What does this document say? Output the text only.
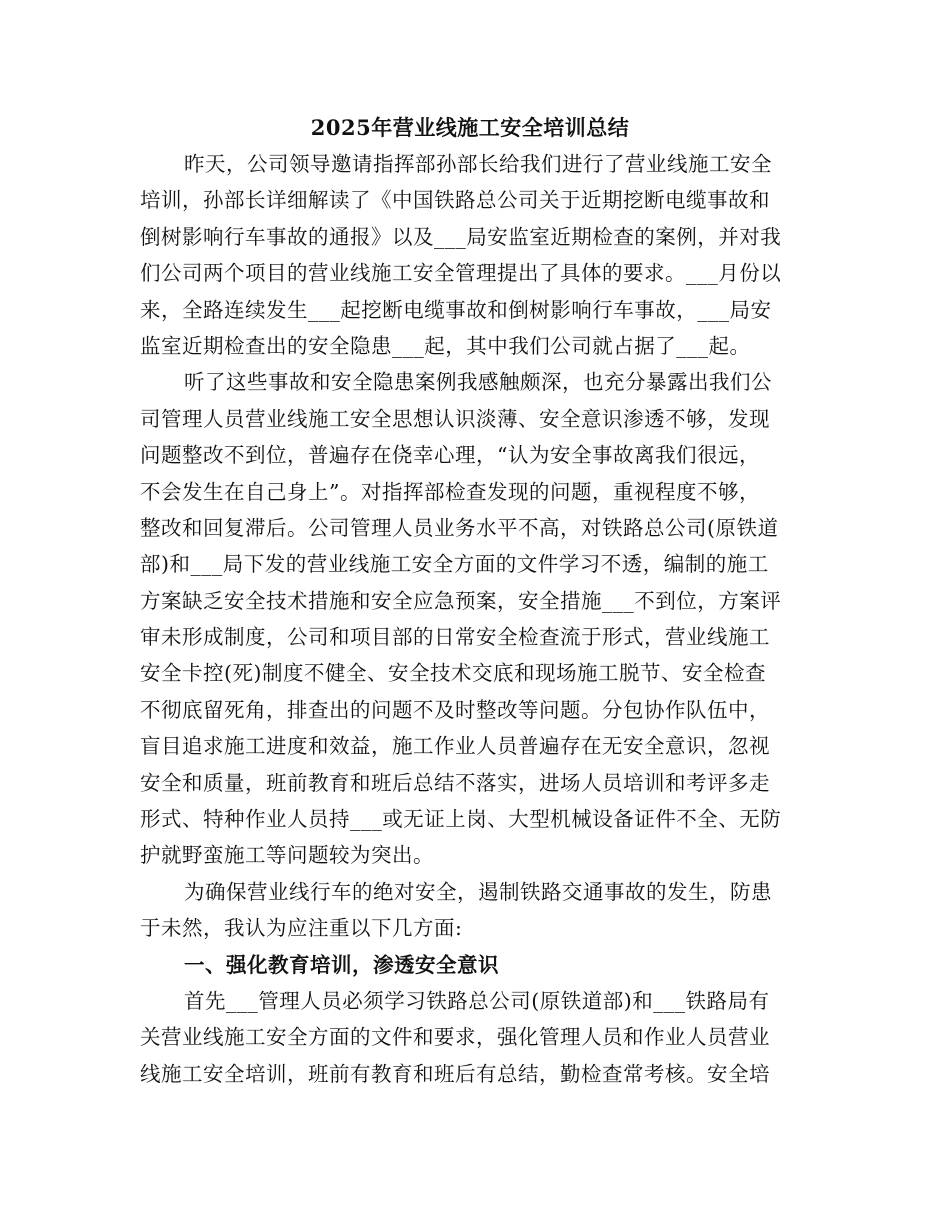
2025年营业线施工安全培训总结
昨天，公司领导邀请指挥部孙部长给我们进行了营业线施工安全
培训，孙部长详细解读了《中国铁路总公司关于近期挖断电缆事故和
倒树影响行车事故的通报》以及___局安监室近期检查的案例，并对我
们公司两个项目的营业线施工安全管理提出了具体的要求。___月份以
来，全路连续发生___起挖断电缆事故和倒树影响行车事故，___局安
监室近期检查出的安全隐患___起，其中我们公司就占据了___起。
听了这些事故和安全隐患案例我感触颇深，也充分暴露出我们公
司管理人员营业线施工安全思想认识淡薄、安全意识渗透不够，发现
问题整改不到位，普遍存在侥幸心理，“认为安全事故离我们很远，
不会发生在自己身上”。对指挥部检查发现的问题，重视程度不够，
整改和回复滞后。公司管理人员业务水平不高，对铁路总公司(原铁道
部)和___局下发的营业线施工安全方面的文件学习不透，编制的施工
方案缺乏安全技术措施和安全应急预案，安全措施___不到位，方案评
审未形成制度，公司和项目部的日常安全检查流于形式，营业线施工
安全卡控(死)制度不健全、安全技术交底和现场施工脱节、安全检查
不彻底留死角，排查出的问题不及时整改等问题。分包协作队伍中，
盲目追求施工进度和效益，施工作业人员普遍存在无安全意识，忽视
安全和质量，班前教育和班后总结不落实，进场人员培训和考评多走
形式、特种作业人员持___或无证上岗、大型机械设备证件不全、无防
护就野蛮施工等问题较为突出。
为确保营业线行车的绝对安全，遏制铁路交通事故的发生，防患
于未然，我认为应注重以下几方面:
一、强化教育培训，渗透安全意识
首先___管理人员必须学习铁路总公司(原铁道部)和___铁路局有
关营业线施工安全方面的文件和要求，强化管理人员和作业人员营业
线施工安全培训，班前有教育和班后有总结，勤检查常考核。安全培
